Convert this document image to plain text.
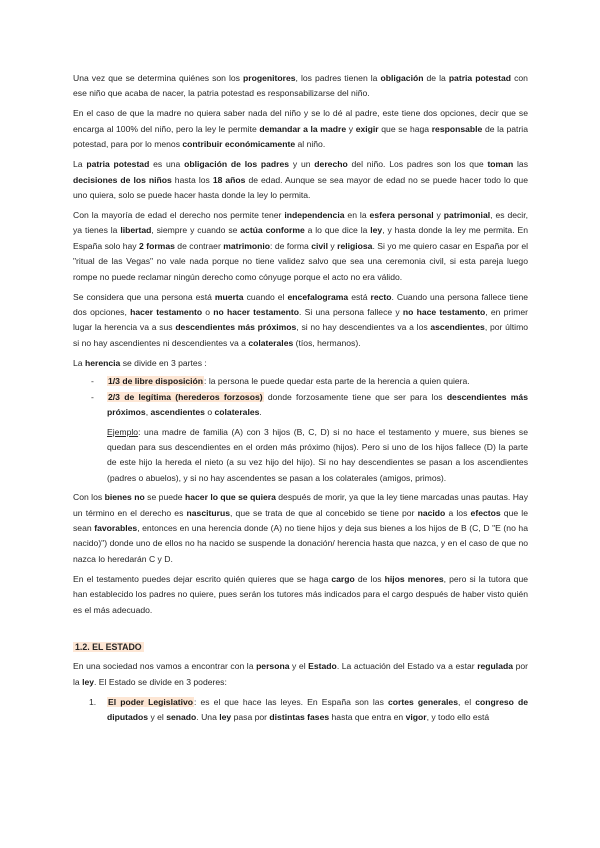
Una vez que se determina quiénes son los progenitores, los padres tienen la obligación de la patria potestad con ese niño que acaba de nacer, la patria potestad es responsabilizarse del niño.

En el caso de que la madre no quiera saber nada del niño y se lo dé al padre, este tiene dos opciones, decir que se encarga al 100% del niño, pero la ley le permite demandar a la madre y exigir que se haga responsable de la patria potestad, para por lo menos contribuir económicamente al niño.

La patria potestad es una obligación de los padres y un derecho del niño. Los padres son los que toman las decisiones de los niños hasta los 18 años de edad. Aunque se sea mayor de edad no se puede hacer todo lo que uno quiera, solo se puede hacer hasta donde la ley lo permita.

Con la mayoría de edad el derecho nos permite tener independencia en la esfera personal y patrimonial, es decir, ya tienes la libertad, siempre y cuando se actúa conforme a lo que dice la ley, y hasta donde la ley me permita. En España solo hay 2 formas de contraer matrimonio: de forma civil y religiosa. Si yo me quiero casar en España por el "ritual de las Vegas" no vale nada porque no tiene validez salvo que sea una ceremonia civil, si esta pareja luego rompe no puede reclamar ningún derecho como cónyuge porque el acto no era válido.

Se considera que una persona está muerta cuando el encefalograma está recto. Cuando una persona fallece tiene dos opciones, hacer testamento o no hacer testamento. Si una persona fallece y no hace testamento, en primer lugar la herencia va a sus descendientes más próximos, si no hay descendientes va a los ascendientes, por último si no hay ascendientes ni descendientes va a colaterales (tíos, hermanos).

La herencia se divide en 3 partes :

- 1/3 de libre disposición: la persona le puede quedar esta parte de la herencia a quien quiera.
- 2/3 de legítima (herederos forzosos) donde forzosamente tiene que ser para los descendientes más próximos, ascendientes o colaterales.

Ejemplo: una madre de familia (A) con 3 hijos (B, C, D) si no hace el testamento y muere, sus bienes se quedan para sus descendientes en el orden más próximo (hijos). Pero si uno de los hijos fallece (D) la parte de este hijo la hereda el nieto (a su vez hijo del hijo). Si no hay descendientes se pasan a los ascendientes (padres o abuelos), y si no hay ascendentes se pasan a los colaterales (amigos, primos).

Con los bienes no se puede hacer lo que se quiera después de morir, ya que la ley tiene marcadas unas pautas. Hay un término en el derecho es nasciturus, que se trata de que al concebido se tiene por nacido a los efectos que le sean favorables, entonces en una herencia donde (A) no tiene hijos y deja sus bienes a los hijos de B (C, D "E (no ha nacido)") donde uno de ellos no ha nacido se suspende la donación/ herencia hasta que nazca, y en el caso de que no nazca lo heredarán C y D.

En el testamento puedes dejar escrito quién quieres que se haga cargo de los hijos menores, pero si la tutora que han establecido los padres no quiere, pues serán los tutores más indicados para el cargo después de haber visto quién es el más adecuado.

1.2. EL ESTADO

En una sociedad nos vamos a encontrar con la persona y el Estado. La actuación del Estado va a estar regulada por la ley. El Estado se divide en 3 poderes:

1. El poder Legislativo: es el que hace las leyes. En España son las cortes generales, el congreso de diputados y el senado. Una ley pasa por distintas fases hasta que entra en vigor, y todo ello está
